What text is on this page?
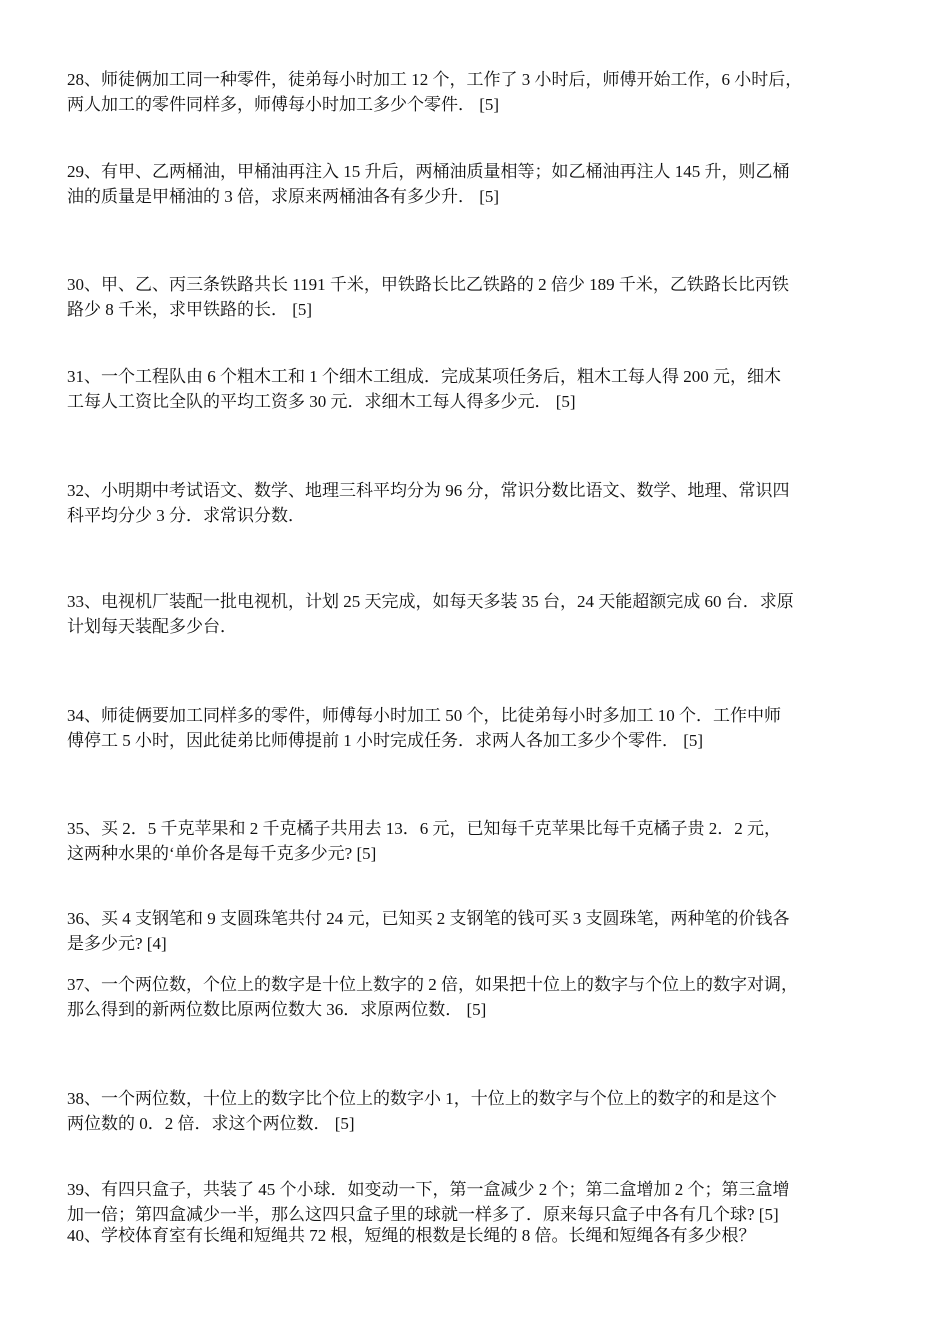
28、师徒俩加工同一种零件，徒弟每小时加工 12 个，工作了 3 小时后，师傅开始工作，6 小时后，
两人加工的零件同样多，师傅每小时加工多少个零件． [5]

29、有甲、乙两桶油，甲桶油再注入 15 升后，两桶油质量相等；如乙桶油再注人 145 升，则乙桶
油的质量是甲桶油的 3 倍，求原来两桶油各有多少升． [5]

30、甲、乙、丙三条铁路共长 1191 千米，甲铁路长比乙铁路的 2 倍少 189 千米，乙铁路长比丙铁
路少 8 千米，求甲铁路的长． [5]

31、一个工程队由 6 个粗木工和 1 个细木工组成．完成某项任务后，粗木工每人得 200 元，细木
工每人工资比全队的平均工资多 30 元．求细木工每人得多少元． [5]

32、小明期中考试语文、数学、地理三科平均分为 96 分，常识分数比语文、数学、地理、常识四
科平均分少 3 分．求常识分数．

33、电视机厂装配一批电视机，计划 25 天完成，如每天多装 35 台，24 天能超额完成 60 台．求原
计划每天装配多少台．

34、师徒俩要加工同样多的零件，师傅每小时加工 50 个，比徒弟每小时多加工 10 个．工作中师
傅停工 5 小时，因此徒弟比师傅提前 1 小时完成任务．求两人各加工多少个零件． [5]

35、买 2．5 千克苹果和 2 千克橘子共用去 13．6 元，已知每千克苹果比每千克橘子贵 2．2 元，
这两种水果的‘单价各是每千克多少元? [5]

36、买 4 支钢笔和 9 支圆珠笔共付 24 元，已知买 2 支钢笔的钱可买 3 支圆珠笔，两种笔的价钱各
是多少元? [4]

37、一个两位数，个位上的数字是十位上数字的 2 倍，如果把十位上的数字与个位上的数字对调，
那么得到的新两位数比原两位数大 36．求原两位数． [5]

38、一个两位数，十位上的数字比个位上的数字小 1，十位上的数字与个位上的数字的和是这个
两位数的 0．2 倍．求这个两位数． [5]

39、有四只盒子，共装了 45 个小球．如变动一下，第一盒减少 2 个；第二盒增加 2 个；第三盒增
加一倍；第四盒减少一半，那么这四只盒子里的球就一样多了．原来每只盒子中各有几个球? [5]

40、学校体育室有长绳和短绳共 72 根，短绳的根数是长绳的 8 倍。长绳和短绳各有多少根？
